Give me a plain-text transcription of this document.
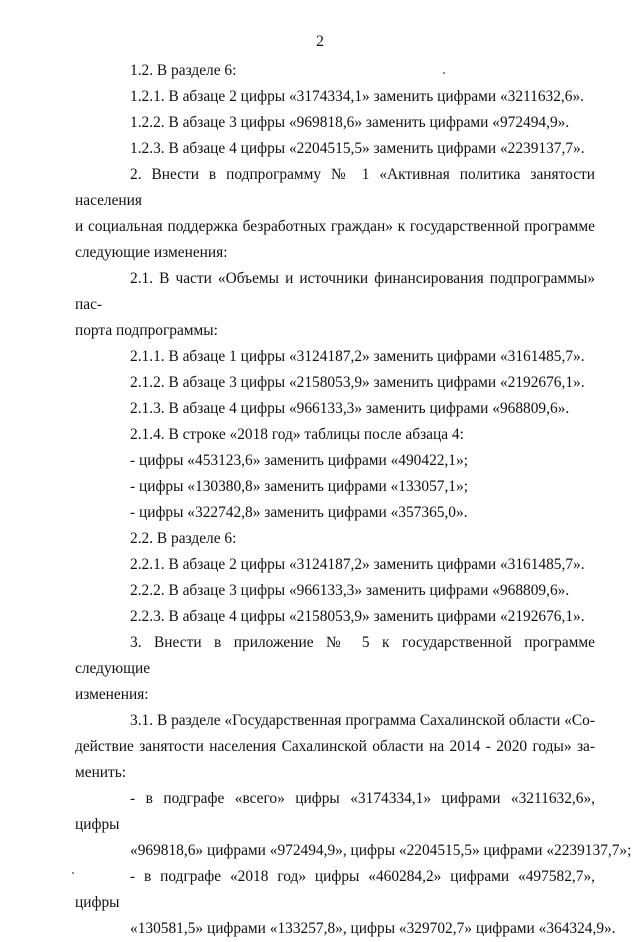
2

1.2. В разделе 6:

1.2.1. В абзаце 2 цифры «3174334,1» заменить цифрами «3211632,6».

1.2.2. В абзаце 3 цифры «969818,6» заменить цифрами «972494,9».

1.2.3. В абзаце 4 цифры «2204515,5» заменить цифрами «2239137,7».

2. Внести в подпрограмму № 1 «Активная политика занятости населения

и социальная поддержка безработных граждан» к государственной программе

следующие изменения:

2.1. В части «Объемы и источники финансирования подпрограммы» пас-

порта подпрограммы:

2.1.1. В абзаце 1 цифры «3124187,2» заменить цифрами «3161485,7».

2.1.2. В абзаце 3 цифры «2158053,9» заменить цифрами «2192676,1».

2.1.3. В абзаце 4 цифры «966133,3» заменить цифрами «968809,6».

2.1.4. В строке «2018 год» таблицы после абзаца 4:

- цифры «453123,6» заменить цифрами «490422,1»;

- цифры «130380,8» заменить цифрами «133057,1»;

- цифры «322742,8» заменить цифрами «357365,0».

2.2. В разделе 6:

2.2.1. В абзаце 2 цифры «3124187,2» заменить цифрами «3161485,7».

2.2.2. В абзаце 3 цифры «966133,3» заменить цифрами «968809,6».

2.2.3. В абзаце 4 цифры «2158053,9» заменить цифрами «2192676,1».

3. Внести в приложение № 5 к государственной программе следующие

изменения:

3.1. В разделе «Государственная программа Сахалинской области «Со-

действие занятости населения Сахалинской области на 2014 - 2020 годы» за-

менить:

- в подграфе «всего» цифры «3174334,1» цифрами «3211632,6», цифры

«969818,6» цифрами «972494,9», цифры «2204515,5» цифрами «2239137,7»;

- в подграфе «2018 год» цифры «460284,2» цифрами «497582,7», цифры

«130581,5» цифрами «133257,8», цифры «329702,7» цифрами «364324,9».
